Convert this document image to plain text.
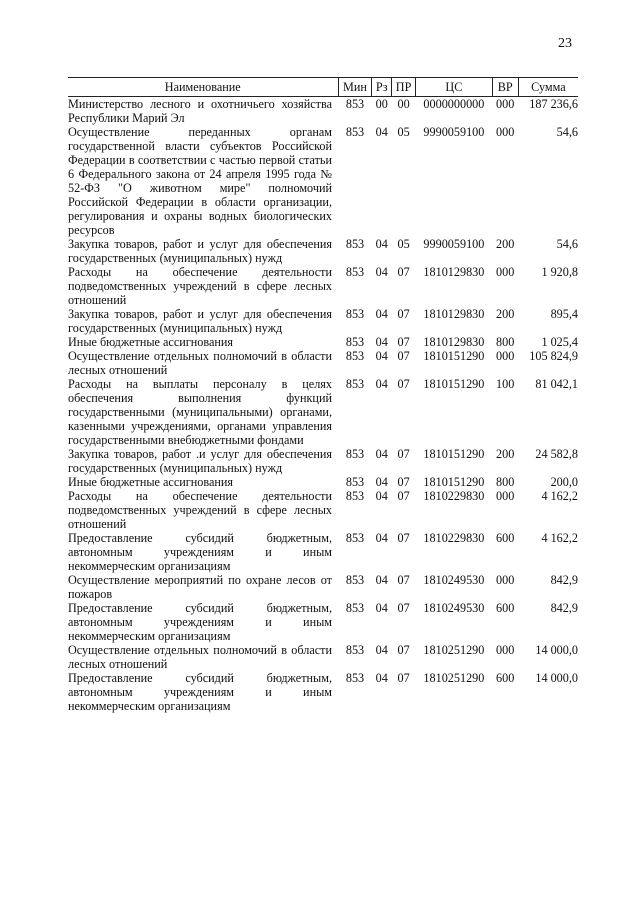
23
Наименование	Мин	Рз	ПР	ЦС	ВР	Сумма
Министерство лесного и охотничьего хозяйства Республики Марий Эл	853	00	00	0000000000	000	187 236,6
Осуществление переданных органам государственной власти субъектов Российской Федерации в соответствии с частью первой статьи 6 Федерального закона от 24 апреля 1995 года № 52-ФЗ "О животном мире" полномочий Российской Федерации в области организации, регулирования и охраны водных биологических ресурсов	853	04	05	9990059100	000	54,6
Закупка товаров, работ и услуг для обеспечения государственных (муниципальных) нужд	853	04	05	9990059100	200	54,6
Расходы на обеспечение деятельности подведомственных учреждений в сфере лесных отношений	853	04	07	1810129830	000	1 920,8
Закупка товаров, работ и услуг для обеспечения государственных (муниципальных) нужд	853	04	07	1810129830	200	895,4
Иные бюджетные ассигнования	853	04	07	1810129830	800	1 025,4
Осуществление отдельных полномочий в области лесных отношений	853	04	07	1810151290	000	105 824,9
Расходы на выплаты персоналу в целях обеспечения выполнения функций государственными (муниципальными) органами, казенными учреждениями, органами управления государственными внебюджетными фондами	853	04	07	1810151290	100	81 042,1
Закупка товаров, работ .и услуг для обеспечения государственных (муниципальных) нужд	853	04	07	1810151290	200	24 582,8
Иные бюджетные ассигнования	853	04	07	1810151290	800	200,0
Расходы на обеспечение деятельности подведомственных учреждений в сфере лесных отношений	853	04	07	1810229830	000	4 162,2
Предоставление субсидий бюджетным, автономным учреждениям и иным некоммерческим организациям	853	04	07	1810229830	600	4 162,2
Осуществление мероприятий по охране лесов от пожаров	853	04	07	1810249530	000	842,9
Предоставление субсидий бюджетным, автономным учреждениям и иным некоммерческим организациям	853	04	07	1810249530	600	842,9
Осуществление отдельных полномочий в области лесных отношений	853	04	07	1810251290	000	14 000,0
Предоставление субсидий бюджетным, автономным учреждениям и иным некоммерческим организациям	853	04	07	1810251290	600	14 000,0
